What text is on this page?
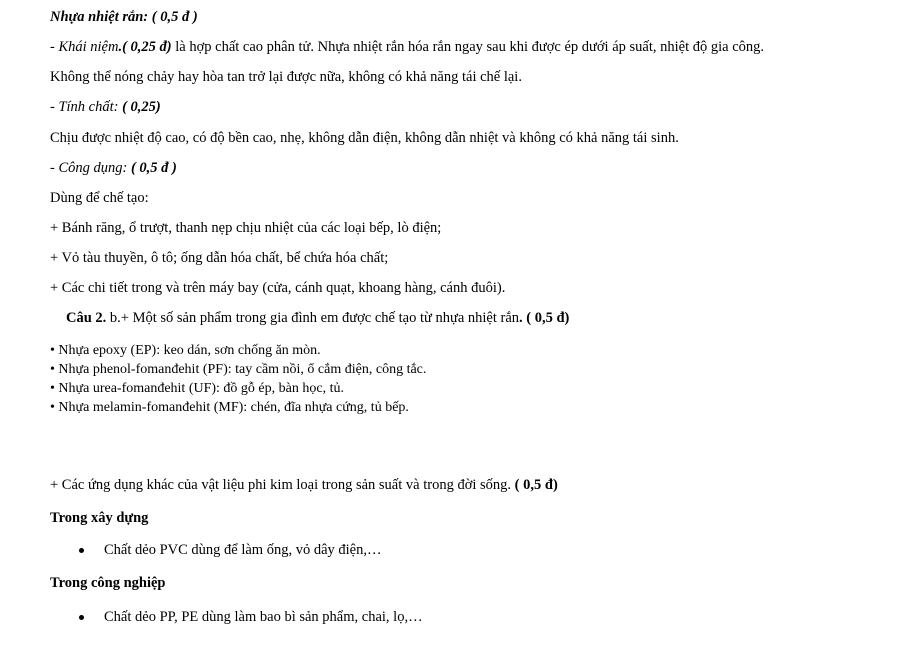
Nhựa nhiệt rắn: ( 0,5 đ )
- Khái niệm.( 0,25 đ) là hợp chất cao phân tử. Nhựa nhiệt rắn hóa rắn ngay sau khi được ép dưới áp suất, nhiệt độ gia công.
Không thể nóng chảy hay hòa tan trở lại được nữa, không có khả năng tái chế lại.
- Tính chất: ( 0,25)
Chịu được nhiệt độ cao, có độ bền cao, nhẹ, không dẫn điện, không dẫn nhiệt và không có khả năng tái sinh.
- Công dụng: ( 0,5 đ )
Dùng để chế tạo:
+ Bánh răng, ổ trượt, thanh nẹp chịu nhiệt của các loại bếp, lò điện;
+ Vỏ tàu thuyền, ô tô; ống dẫn hóa chất, bể chứa hóa chất;
+ Các chi tiết trong và trên máy bay (cửa, cánh quạt, khoang hàng, cánh đuôi).
Câu 2. b.+ Một số sản phẩm trong gia đình em được chế tạo từ nhựa nhiệt rắn. ( 0,5 đ)
• Nhựa epoxy (EP): keo dán, sơn chống ăn mòn.
• Nhựa phenol-fomanđehit (PF): tay cầm nồi, ổ cắm điện, công tắc.
• Nhựa urea-fomanđehit (UF): đồ gỗ ép, bàn học, tủ.
• Nhựa melamin-fomanđehit (MF): chén, đĩa nhựa cứng, tủ bếp.
+ Các ứng dụng khác của vật liệu phi kim loại trong sản suất và trong đời sống. ( 0,5 đ)
Trong xây dựng
Chất dẻo PVC dùng để làm ống, vỏ dây điện,…
Trong công nghiệp
Chất dẻo PP, PE dùng làm bao bì sản phẩm, chai, lọ,…
